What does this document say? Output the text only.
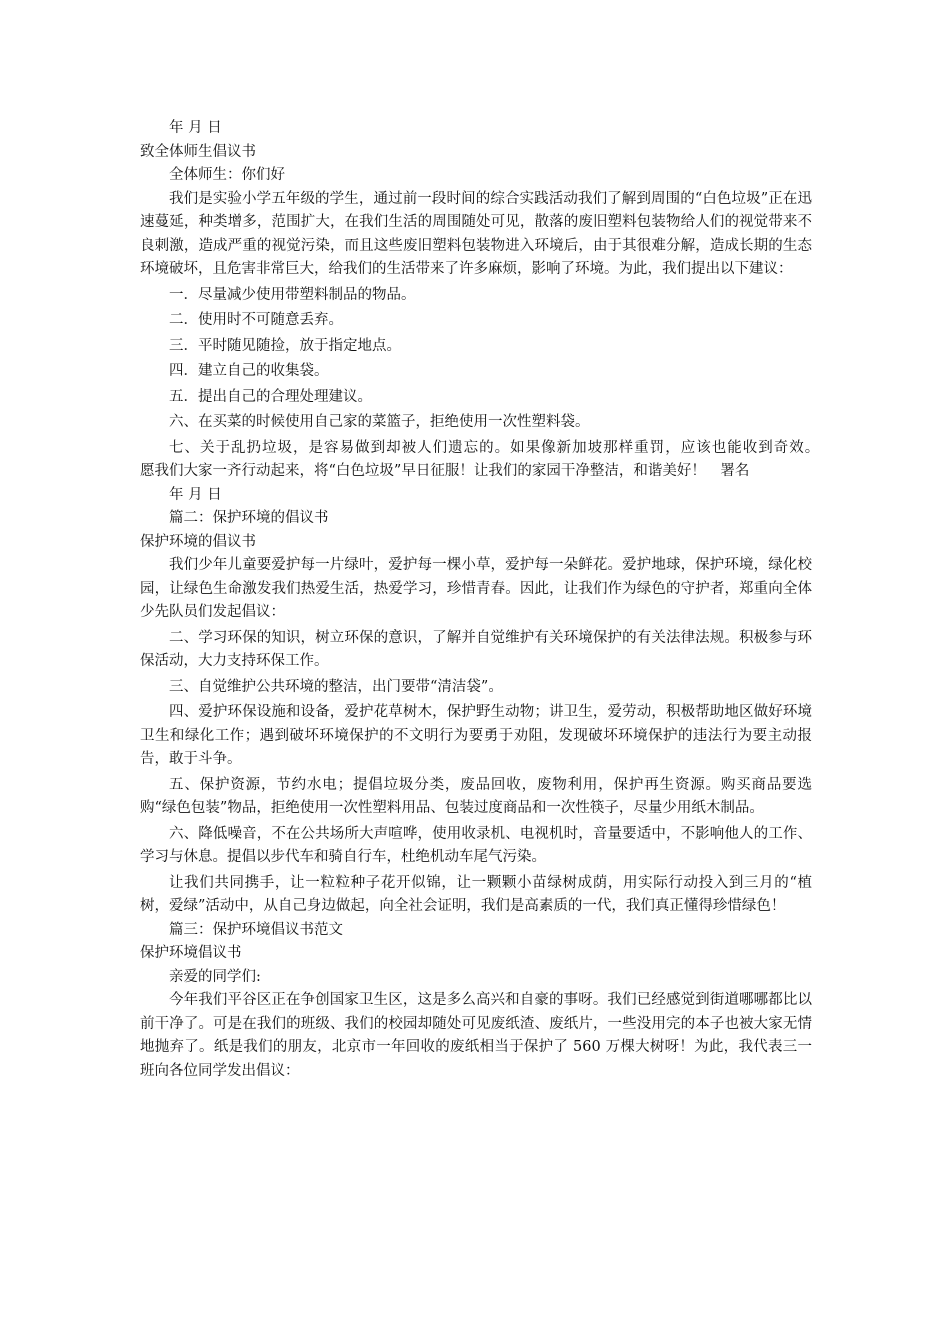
年 月 日

致全体师生倡议书

全体师生：你们好

我们是实验小学五年级的学生，通过前一段时间的综合实践活动我们了解到周围的“白色垃圾”正在迅速蔓延，种类增多，范围扩大，在我们生活的周围随处可见，散落的废旧塑料包装物给人们的视觉带来不良刺激，造成严重的视觉污染，而且这些废旧塑料包装物进入环境后，由于其很难分解，造成长期的生态环境破坏，且危害非常巨大，给我们的生活带来了许多麻烦，影响了环境。为此，我们提出以下建议：

一．尽量减少使用带塑料制品的物品。

二．使用时不可随意丢弃。

三．平时随见随捡，放于指定地点。

四．建立自己的收集袋。

五．提出自己的合理处理建议。

六、在买菜的时候使用自己家的菜篮子，拒绝使用一次性塑料袋。

七、关于乱扔垃圾，是容易做到却被人们遗忘的。如果像新加坡那样重罚，应该也能收到奇效。　　愿我们大家一齐行动起来，将“白色垃圾”早日征服！让我们的家园干净整洁，和谐美好！　署名

年 月 日

篇二：保护环境的倡议书

保护环境的倡议书

我们少年儿童要爱护每一片绿叶，爱护每一棵小草，爱护每一朵鲜花。爱护地球，保护环境，绿化校园，让绿色生命激发我们热爱生活，热爱学习，珍惜青春。因此，让我们作为绿色的守护者，郑重向全体少先队员们发起倡议：

二、学习环保的知识，树立环保的意识，了解并自觉维护有关环境保护的有关法律法规。积极参与环保活动，大力支持环保工作。

三、自觉维护公共环境的整洁，出门要带“清洁袋”。

四、爱护环保设施和设备，爱护花草树木，保护野生动物；讲卫生，爱劳动，积极帮助地区做好环境卫生和绿化工作；遇到破坏环境保护的不文明行为要勇于劝阻，发现破坏环境保护的违法行为要主动报告，敢于斗争。

五、保护资源，节约水电；提倡垃圾分类，废品回收，废物利用，保护再生资源。购买商品要选购“绿色包装”物品，拒绝使用一次性塑料用品、包装过度商品和一次性筷子，尽量少用纸木制品。

六、降低噪音，不在公共场所大声喧哗，使用收录机、电视机时，音量要适中，不影响他人的工作、学习与休息。提倡以步代车和骑自行车，杜绝机动车尾气污染。

让我们共同携手，让一粒粒种子花开似锦，让一颗颗小苗绿树成荫，用实际行动投入到三月的“植树，爱绿”活动中，从自己身边做起，向全社会证明，我们是高素质的一代，我们真正懂得珍惜绿色！

篇三：保护环境倡议书范文

保护环境倡议书

亲爱的同学们:

今年我们平谷区正在争创国家卫生区，这是多么高兴和自豪的事呀。我们已经感觉到街道哪哪都比以前干净了。可是在我们的班级、我们的校园却随处可见废纸渣、废纸片，一些没用完的本子也被大家无情地抛弃了。纸是我们的朋友，北京市一年回收的废纸相当于保护了 560 万棵大树呀！为此，我代表三一班向各位同学发出倡议：
